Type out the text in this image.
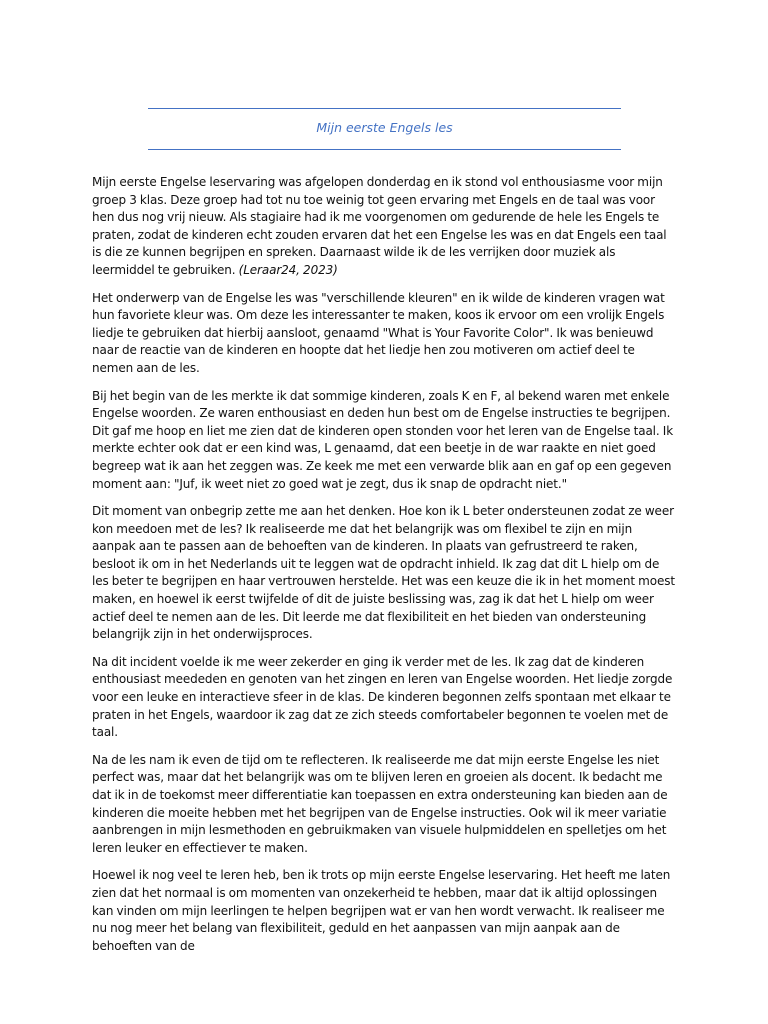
Mijn eerste Engels les

Mijn eerste Engelse leservaring was afgelopen donderdag en ik stond vol enthousiasme voor mijn groep 3 klas. Deze groep had tot nu toe weinig tot geen ervaring met Engels en de taal was voor hen dus nog vrij nieuw. Als stagiaire had ik me voorgenomen om gedurende de hele les Engels te praten, zodat de kinderen echt zouden ervaren dat het een Engelse les was en dat Engels een taal is die ze kunnen begrijpen en spreken. Daarnaast wilde ik de les verrijken door muziek als leermiddel te gebruiken. (Leraar24, 2023)

Het onderwerp van de Engelse les was "verschillende kleuren" en ik wilde de kinderen vragen wat hun favoriete kleur was. Om deze les interessanter te maken, koos ik ervoor om een vrolijk Engels liedje te gebruiken dat hierbij aansloot, genaamd "What is Your Favorite Color". Ik was benieuwd naar de reactie van de kinderen en hoopte dat het liedje hen zou motiveren om actief deel te nemen aan de les.

Bij het begin van de les merkte ik dat sommige kinderen, zoals K en F, al bekend waren met enkele Engelse woorden. Ze waren enthousiast en deden hun best om de Engelse instructies te begrijpen. Dit gaf me hoop en liet me zien dat de kinderen open stonden voor het leren van de Engelse taal. Ik merkte echter ook dat er een kind was, L genaamd, dat een beetje in de war raakte en niet goed begreep wat ik aan het zeggen was. Ze keek me met een verwarde blik aan en gaf op een gegeven moment aan: "Juf, ik weet niet zo goed wat je zegt, dus ik snap de opdracht niet."

Dit moment van onbegrip zette me aan het denken. Hoe kon ik L beter ondersteunen zodat ze weer kon meedoen met de les? Ik realiseerde me dat het belangrijk was om flexibel te zijn en mijn aanpak aan te passen aan de behoeften van de kinderen. In plaats van gefrustreerd te raken, besloot ik om in het Nederlands uit te leggen wat de opdracht inhield. Ik zag dat dit L hielp om de les beter te begrijpen en haar vertrouwen herstelde. Het was een keuze die ik in het moment moest maken, en hoewel ik eerst twijfelde of dit de juiste beslissing was, zag ik dat het L hielp om weer actief deel te nemen aan de les. Dit leerde me dat flexibiliteit en het bieden van ondersteuning belangrijk zijn in het onderwijsproces.

Na dit incident voelde ik me weer zekerder en ging ik verder met de les. Ik zag dat de kinderen enthousiast meededen en genoten van het zingen en leren van Engelse woorden. Het liedje zorgde voor een leuke en interactieve sfeer in de klas. De kinderen begonnen zelfs spontaan met elkaar te praten in het Engels, waardoor ik zag dat ze zich steeds comfortabeler begonnen te voelen met de taal.

Na de les nam ik even de tijd om te reflecteren. Ik realiseerde me dat mijn eerste Engelse les niet perfect was, maar dat het belangrijk was om te blijven leren en groeien als docent. Ik bedacht me dat ik in de toekomst meer differentiatie kan toepassen en extra ondersteuning kan bieden aan de kinderen die moeite hebben met het begrijpen van de Engelse instructies. Ook wil ik meer variatie aanbrengen in mijn lesmethoden en gebruikmaken van visuele hulpmiddelen en spelletjes om het leren leuker en effectiever te maken.

Hoewel ik nog veel te leren heb, ben ik trots op mijn eerste Engelse leservaring. Het heeft me laten zien dat het normaal is om momenten van onzekerheid te hebben, maar dat ik altijd oplossingen kan vinden om mijn leerlingen te helpen begrijpen wat er van hen wordt verwacht. Ik realiseer me nu nog meer het belang van flexibiliteit, geduld en het aanpassen van mijn aanpak aan de behoeften van de
